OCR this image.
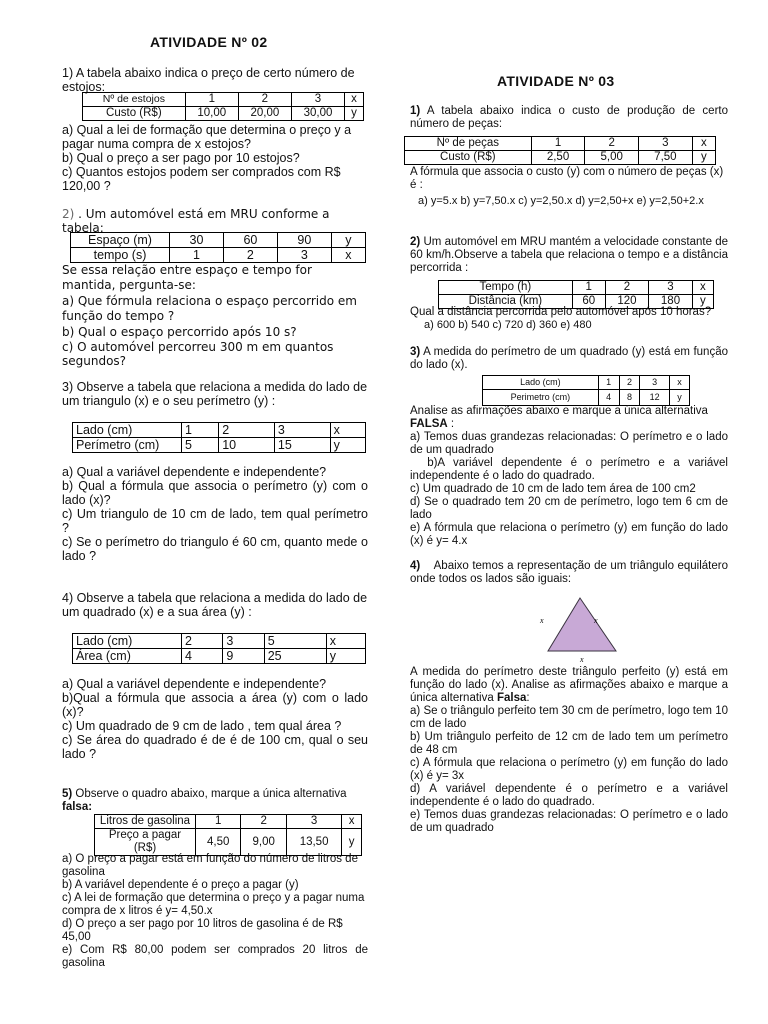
ATIVIDADE Nº 02

1) A tabela abaixo indica o preço de certo número de estojos:

Nº de estojos	1	2	3	x
Custo (R$)	10,00	20,00	30,00	y

a) Qual a lei de formação que determina o preço y a pagar numa compra de x estojos?

b) Qual o preço a ser pago por 10 estojos?

c) Quantos estojos podem ser comprados com R$ 120,00 ?

2) . Um automóvel está em MRU conforme a tabela:

Espaço (m)	30	60	90	y
tempo (s)	1	2	3	x

Se essa relação entre espaço e tempo for mantida, pergunta-se:

a) Que fórmula relaciona o espaço percorrido em função do tempo ?

b) Qual o espaço percorrido após 10 s?

c) O automóvel percorreu 300 m em quantos segundos?

3) Observe a tabela que relaciona a medida do lado de um triangulo (x) e o seu perímetro (y) :

Lado (cm)	1	2	3	x
Perímetro (cm)	5	10	15	y

a) Qual a variável dependente e independente?

b) Qual a fórmula que associa o perímetro (y) com o lado (x)?

c) Um triangulo de 10 cm de lado, tem qual perímetro ?

c) Se o perímetro do triangulo é 60 cm, quanto mede o lado ?

4) Observe a tabela que relaciona a medida do lado de um quadrado (x) e a sua área (y) :

Lado (cm)	2	3	5	x
Área (cm)	4	9	25	y

a) Qual a variável dependente e independente?

b)Qual a fórmula que associa a área (y) com o lado (x)?

c) Um quadrado de 9 cm de lado , tem qual área ?

c) Se área do quadrado é de é de 100 cm, qual o seu lado ?

5) Observe o quadro abaixo, marque a única alternativa

falsa:

Litros de gasolina	1	2	3	x
Preço a pagar (R$)	4,50	9,00	13,50	y

a) O preço a pagar está em função do número de litros de gasolina

b) A variável dependente é o preço a pagar (y)

c) A lei de formação que determina o preço y a pagar numa compra de x litros é y= 4,50.x

d) O preço a ser pago por 10 litros de gasolina é de R$ 45,00

e) Com R$ 80,00 podem ser comprados 20 litros de gasolina

ATIVIDADE Nº 03

1) A tabela abaixo indica o custo de produção de certo número de peças:

Nº de peças	1	2	3	x
Custo (R$)	2,50	5,00	7,50	y

A fórmula que associa o custo (y) com o número de peças (x) é :

a) y=5.x b) y=7,50.x c) y=2,50.x d) y=2,50+x e) y=2,50+2.x

2) Um automóvel em MRU mantém a velocidade constante de 60 km/h.Observe a tabela que relaciona o tempo e a distância percorrida :

Tempo (h)	1	2	3	x
Distância (km)	60	120	180	y

Qual a distância percorrida pelo automóvel após 10 horas?

a) 600 b) 540 c) 720 d) 360 e) 480

3) A medida do perímetro de um quadrado (y) está em função do lado (x).

Lado (cm)	1	2	3	x
Perimetro (cm)	4	8	12	y

Analise as afirmações abaixo e marque a única alternativa FALSA :

a) Temos duas grandezas relacionadas: O perímetro e o lado de um quadrado

b)A variável dependente é o perímetro e a variável independente é o lado do quadrado.

c) Um quadrado de 10 cm de lado tem área de 100 cm2

d) Se o quadrado tem 20 cm de perímetro, logo tem 6 cm de lado

e) A fórmula que relaciona o perímetro (y) em função do lado (x) é y= 4.x

4)    Abaixo temos a representação de um triângulo equilátero onde todos os lados são iguais:

x	x
x

A medida do perímetro deste triângulo perfeito (y) está em função do lado (x). Analise as afirmações abaixo e marque a única alternativa Falsa:

a) Se o triângulo perfeito tem 30 cm de perímetro, logo tem 10 cm de lado

b) Um triângulo perfeito de 12 cm de lado tem um perímetro de 48 cm

c) A fórmula que relaciona o perímetro (y) em função do lado (x) é y= 3x

d)  A  variável  dependente  é  o  perímetro  e  a  variável independente é o lado do quadrado.

e) Temos duas grandezas relacionadas: O perímetro e o lado de um quadrado
